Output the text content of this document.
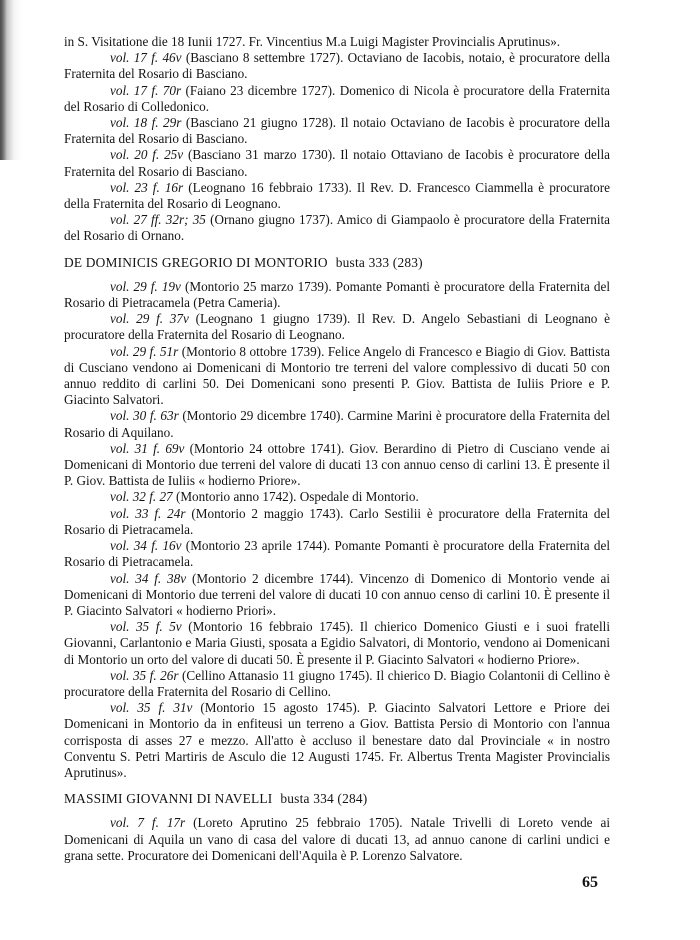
in S. Visitatione die 18 Iunii 1727. Fr. Vincentius M.a Luigi Magister Provincialis Aprutinus».

vol. 17 f. 46v (Basciano 8 settembre 1727). Octaviano de Iacobis, notaio, è procuratore della Fraternita del Rosario di Basciano.

vol. 17 f. 70r (Faiano 23 dicembre 1727). Domenico di Nicola è procuratore della Fraternita del Rosario di Colledonico.

vol. 18 f. 29r (Basciano 21 giugno 1728). Il notaio Octaviano de Iacobis è procuratore della Fraternita del Rosario di Basciano.

vol. 20 f. 25v (Basciano 31 marzo 1730). Il notaio Ottaviano de Iacobis è procuratore della Fraternita del Rosario di Basciano.

vol. 23 f. 16r (Leognano 16 febbraio 1733). Il Rev. D. Francesco Ciammella è procuratore della Fraternita del Rosario di Leognano.

vol. 27 ff. 32r; 35 (Ornano giugno 1737). Amico di Giampaolo è procuratore della Fraternita del Rosario di Ornano.

DE DOMINICIS GREGORIO DI MONTORIO busta 333 (283)

vol. 29 f. 19v (Montorio 25 marzo 1739). Pomante Pomanti è procuratore della Fraternita del Rosario di Pietracamela (Petra Cameria).

vol. 29 f. 37v (Leognano 1 giugno 1739). Il Rev. D. Angelo Sebastiani di Leognano è procuratore della Fraternita del Rosario di Leognano.

vol. 29 f. 51r (Montorio 8 ottobre 1739). Felice Angelo di Francesco e Biagio di Giov. Battista di Cusciano vendono ai Domenicani di Montorio tre terreni del valore complessivo di ducati 50 con annuo reddito di carlini 50. Dei Domenicani sono presenti P. Giov. Battista de Iuliis Priore e P. Giacinto Salvatori.

vol. 30 f. 63r (Montorio 29 dicembre 1740). Carmine Marini è procuratore della Fraternita del Rosario di Aquilano.

vol. 31 f. 69v (Montorio 24 ottobre 1741). Giov. Berardino di Pietro di Cusciano vende ai Domenicani di Montorio due terreni del valore di ducati 13 con annuo censo di carlini 13. È presente il P. Giov. Battista de Iuliis « hodierno Priore».

vol. 32 f. 27 (Montorio anno 1742). Ospedale di Montorio.

vol. 33 f. 24r (Montorio 2 maggio 1743). Carlo Sestilii è procuratore della Fraternita del Rosario di Pietracamela.

vol. 34 f. 16v (Montorio 23 aprile 1744). Pomante Pomanti è procuratore della Fraternita del Rosario di Pietracamela.

vol. 34 f. 38v (Montorio 2 dicembre 1744). Vincenzo di Domenico di Montorio vende ai Domenicani di Montorio due terreni del valore di ducati 10 con annuo censo di carlini 10. È presente il P. Giacinto Salvatori « hodierno Priori».

vol. 35 f. 5v (Montorio 16 febbraio 1745). Il chierico Domenico Giusti e i suoi fratelli Giovanni, Carlantonio e Maria Giusti, sposata a Egidio Salvatori, di Montorio, vendono ai Domenicani di Montorio un orto del valore di ducati 50. È presente il P. Giacinto Salvatori « hodierno Priore».

vol. 35 f. 26r (Cellino Attanasio 11 giugno 1745). Il chierico D. Biagio Colantonii di Cellino è procuratore della Fraternita del Rosario di Cellino.

vol. 35 f. 31v (Montorio 15 agosto 1745). P. Giacinto Salvatori Lettore e Priore dei Domenicani in Montorio da in enfiteusi un terreno a Giov. Battista Persio di Montorio con l'annua corrisposta di asses 27 e mezzo. All'atto è accluso il benestare dato dal Provinciale « in nostro Conventu S. Petri Martiris de Asculo die 12 Augusti 1745. Fr. Albertus Trenta Magister Provincialis Aprutinus».

MASSIMI GIOVANNI DI NAVELLI busta 334 (284)

vol. 7 f. 17r (Loreto Aprutino 25 febbraio 1705). Natale Trivelli di Loreto vende ai Domenicani di Aquila un vano di casa del valore di ducati 13, ad annuo canone di carlini undici e grana sette. Procuratore dei Domenicani dell'Aquila è P. Lorenzo Salvatore.

65
